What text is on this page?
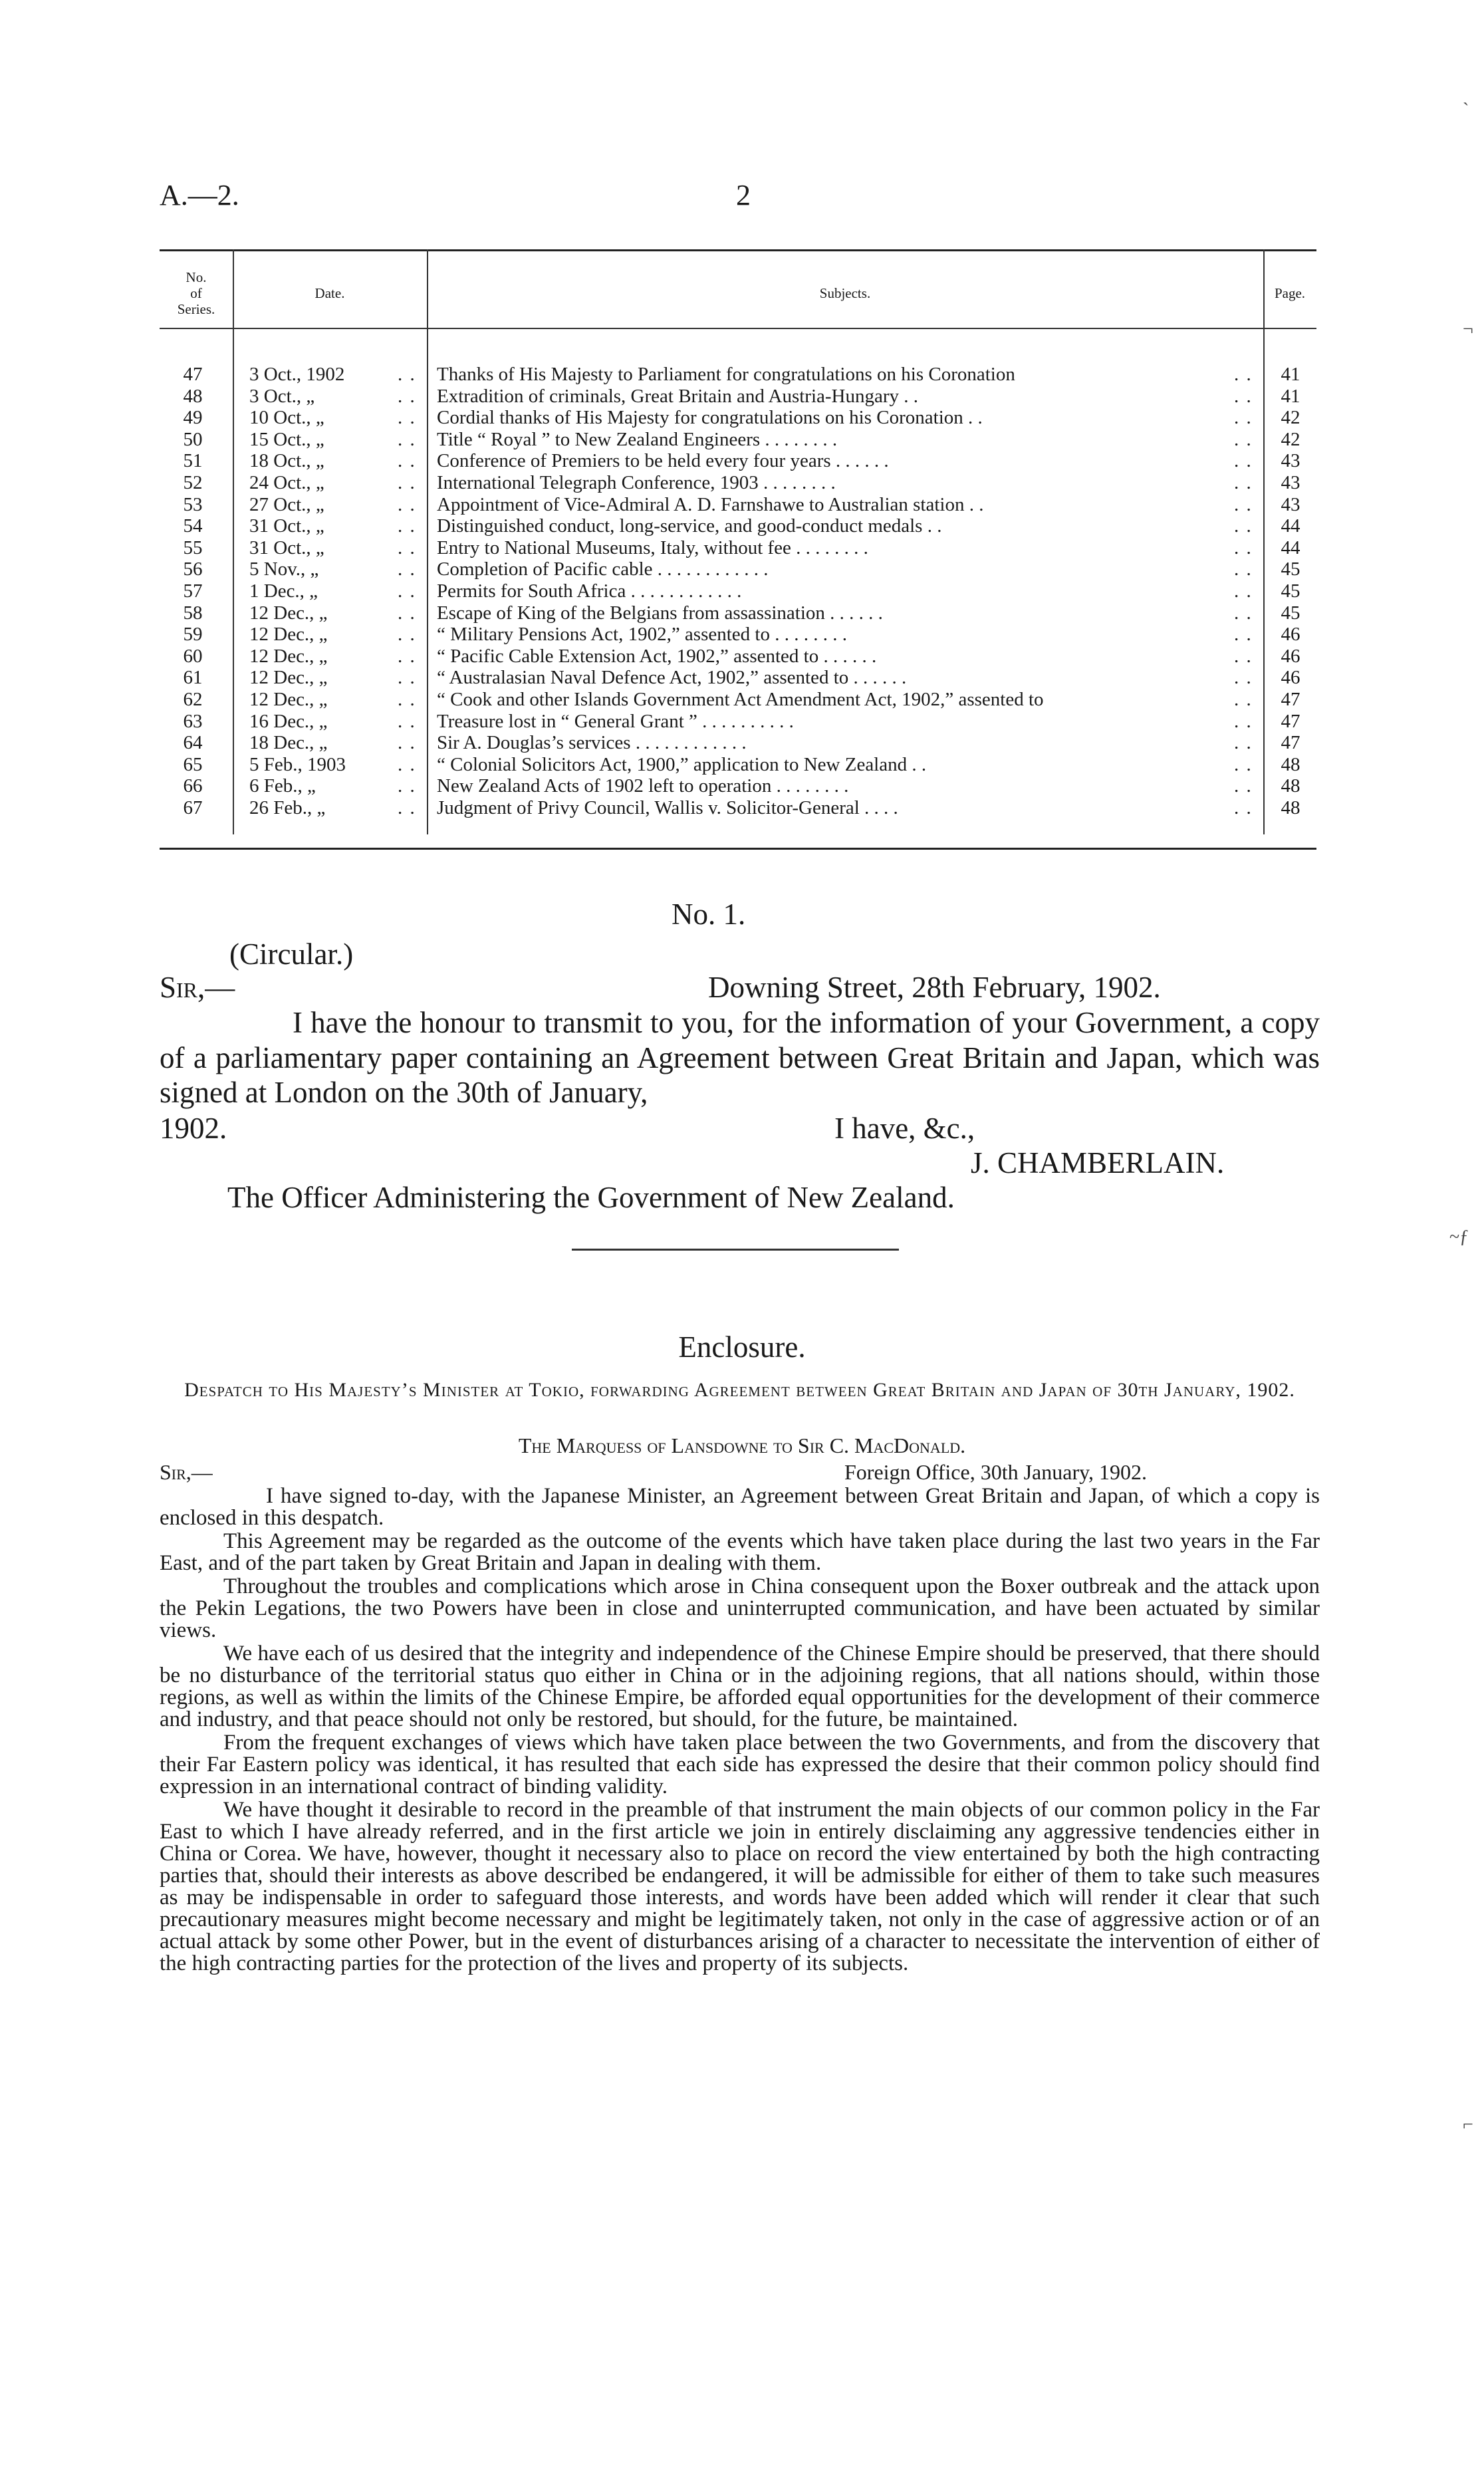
A.—2.	2
No.
of
Series.
Date.	Subjects.	Page.
47	3 Oct., 1902	. . Thanks of His Majesty to Parliament for congratulations on his Coronation	. .	41
48	3 Oct., „	. . Extradition of criminals, Great Britain and Austria-Hungary . .	. .	41
49	10 Oct., „	. . Cordial thanks of His Majesty for congratulations on his Coronation . .	. .	42
50	15 Oct., „	. . Title “ Royal ” to New Zealand Engineers . . . . . . . .	. .	42
51	18 Oct., „	. . Conference of Premiers to be held every four years . . . . . .	. .	43
52	24 Oct., „	. . International Telegraph Conference, 1903 . . . . . . . .	. .	43
53	27 Oct., „	. . Appointment of Vice-Admiral A. D. Farnshawe to Australian station . .	. .	43
54	31 Oct., „	. . Distinguished conduct, long-service, and good-conduct medals . .	. .	44
55	31 Oct., „	. . Entry to National Museums, Italy, without fee . . . . . . . .	. .	44
56	5 Nov., „	. . Completion of Pacific cable . . . . . . . . . . . .	. .	45
57	1 Dec., „	. . Permits for South Africa . . . . . . . . . . . .	. .	45
58	12 Dec., „	. . Escape of King of the Belgians from assassination . . . . . .	. .	45
59	12 Dec., „	. . “ Military Pensions Act, 1902,” assented to . . . . . . . .	. .	46
60	12 Dec., „	. . “ Pacific Cable Extension Act, 1902,” assented to . . . . . .	. .	46
61	12 Dec., „	. . “ Australasian Naval Defence Act, 1902,” assented to . . . . . .	. .	46
62	12 Dec., „	. . “ Cook and other Islands Government Act Amendment Act, 1902,” assented to	. .	47
63	16 Dec., „	. . Treasure lost in “ General Grant ” . . . . . . . . . .	. .	47
64	18 Dec., „	. . Sir A. Douglas’s services . . . . . . . . . . . .	. .	47
65	5 Feb., 1903	. . “ Colonial Solicitors Act, 1900,” application to New Zealand . .	. .	48
66	6 Feb., „	. . New Zealand Acts of 1902 left to operation . . . . . . . .	. .	48
67	26 Feb., „	. . Judgment of Privy Council, Wallis v. Solicitor-General . . . .	. .	48
No. 1.
(Circular.)
Sir,—	Downing Street, 28th February, 1902.
I have the honour to transmit to you, for the information of your Government, a copy of a parliamentary paper containing an Agreement between Great Britain and Japan, which was signed at London on the 30th of January,
1902.	I have, &c.,
J. CHAMBERLAIN.
The Officer Administering the Government of New Zealand.
Enclosure.
Despatch to His Majesty’s Minister at Tokio, forwarding Agreement between Great Britain and Japan of 30th January, 1902.
The Marquess of Lansdowne to Sir C. MacDonald.
Sir,—	Foreign Office, 30th January, 1902.

I have signed to-day, with the Japanese Minister, an Agreement between Great Britain and Japan, of which a copy is enclosed in this despatch.

This Agreement may be regarded as the outcome of the events which have taken place during the last two years in the Far East, and of the part taken by Great Britain and Japan in dealing with them.

Throughout the troubles and complications which arose in China consequent upon the Boxer outbreak and the attack upon the Pekin Legations, the two Powers have been in close and uninterrupted communication, and have been actuated by similar views.

We have each of us desired that the integrity and independence of the Chinese Empire should be preserved, that there should be no disturbance of the territorial status quo either in China or in the adjoining regions, that all nations should, within those regions, as well as within the limits of the Chinese Empire, be afforded equal opportunities for the development of their commerce and industry, and that peace should not only be restored, but should, for the future, be maintained.

From the frequent exchanges of views which have taken place between the two Governments, and from the discovery that their Far Eastern policy was identical, it has resulted that each side has expressed the desire that their common policy should find expression in an international contract of binding validity.

We have thought it desirable to record in the preamble of that instrument the main objects of our common policy in the Far East to which I have already referred, and in the first article we join in entirely disclaiming any aggressive tendencies either in China or Corea. We have, however, thought it necessary also to place on record the view entertained by both the high contracting parties that, should their interests as above described be endangered, it will be admissible for either of them to take such measures as may be indispensable in order to safeguard those interests, and words have been added which will render it clear that such precautionary measures might become necessary and might be legitimately taken, not only in the case of aggressive action or of an actual attack by some other Power, but in the event of disturbances arising of a character to necessitate the intervention of either of the high contracting parties for the protection of the lives and property of its subjects.

`
¬
~ƒ
⌐
